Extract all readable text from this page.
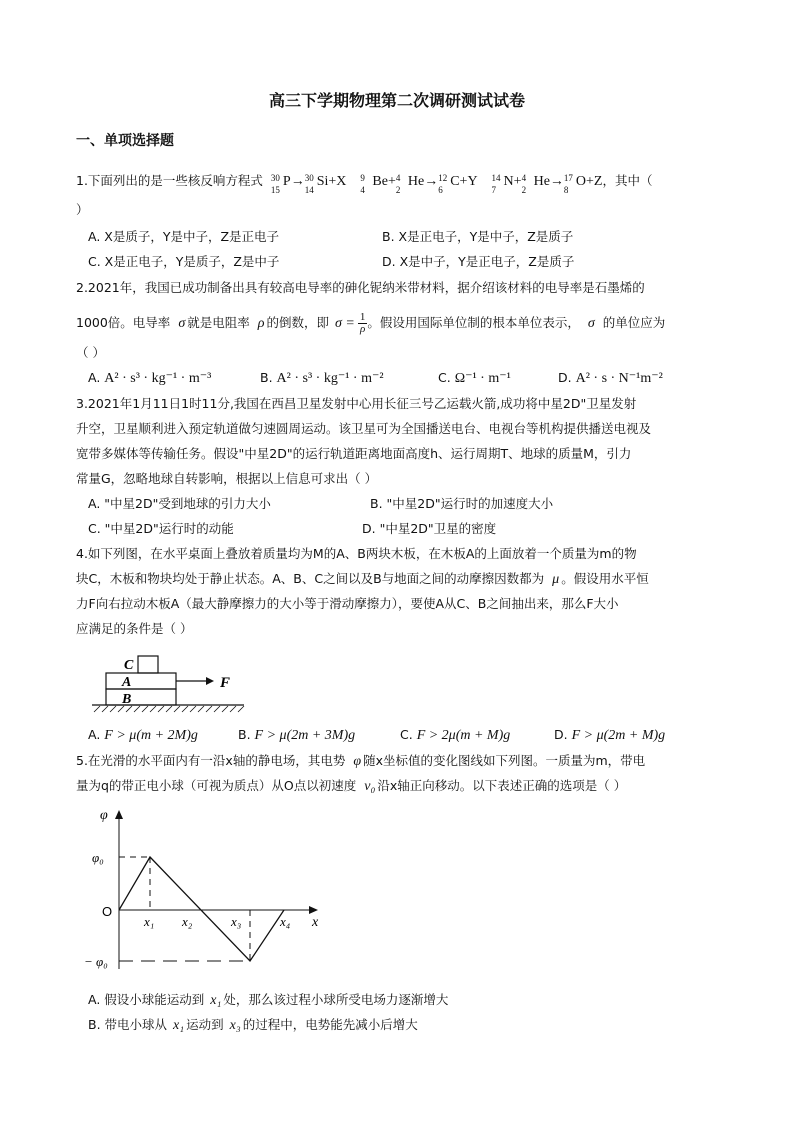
高三下学期物理第二次调研测试试卷
一、单项选择题
1.下面列出的是一些核反响方程式 30
15
P→ 30
14
Si+X 9
4
Be+ 4
2
He→ 12
6
C+Y 14
7
N+ 4
2
He→ 17
8
O+Z，其中（
）
A. X是质子，Y是中子，Z是正电子	B. X是正电子，Y是中子，Z是质子
C. X是正电子，Y是质子，Z是中子	D. X是中子，Y是正电子，Z是质子
2.2021年，我国已成功制备出具有较高电导率的砷化铌纳米带材料，据介绍该材料的电导率是石墨烯的
1000倍。电导率 σ 就是电阻率 ρ 的倒数，即 $\sigma = \frac{1}{\rho}$ 。假设用国际单位制的根本单位表示， σ 的单位应为
（ ）
A. A² · s³ · kg⁻¹ · m⁻³	B. A² · s³ · kg⁻¹ · m⁻²	C. Ω⁻¹ · m⁻¹	D. A² · s · N⁻¹m⁻²
3.2021年1月11日1时11分,我国在西昌卫星发射中心用长征三号乙运载火箭,成功将中星2D"卫星发射
升空，卫星顺利进入预定轨道做匀速圆周运动。该卫星可为全国播送电台、电视台等机构提供播送电视及
宽带多媒体等传输任务。假设"中星2D"的运行轨道距离地面高度h、运行周期T、地球的质量M，引力
常量G，忽略地球自转影响，根据以上信息可求出（ ）
A. "中星2D"受到地球的引力大小	B. "中星2D"运行时的加速度大小
C. "中星2D"运行时的动能	D. "中星2D"卫星的密度
4.如下列图，在水平桌面上叠放着质量均为M的A、B两块木板，在木板A的上面放着一个质量为m的物
块C，木板和物块均处于静止状态。A、B、C之间以及B与地面之间的动摩擦因数都为 μ 。假设用水平恒
力F向右拉动木板A（最大静摩擦力的大小等于滑动摩擦力），要使A从C、B之间抽出来，那么F大小
应满足的条件是（ ）
C
A
B
F
A. F > μ(m + 2M)g	B. F > μ(2m + 3M)g	C. F > 2μ(m + M)g	D. F > μ(2m + M)g
5.在光滑的水平面内有一沿x轴的静电场，其电势 φ 随x坐标值的变化图线如下列图。一质量为m，带电
量为q的带正电小球（可视为质点）从O点以初速度 v₀ 沿x轴正向移动。以下表述正确的选项是（ ）
φ
x
O
φ₀
− φ₀
x₁ x₂	x₃	x₄
A. 假设小球能运动到 x₁ 处，那么该过程小球所受电场力逐渐增大
B. 带电小球从 x₁ 运动到 x₃ 的过程中，电势能先减小后增大
